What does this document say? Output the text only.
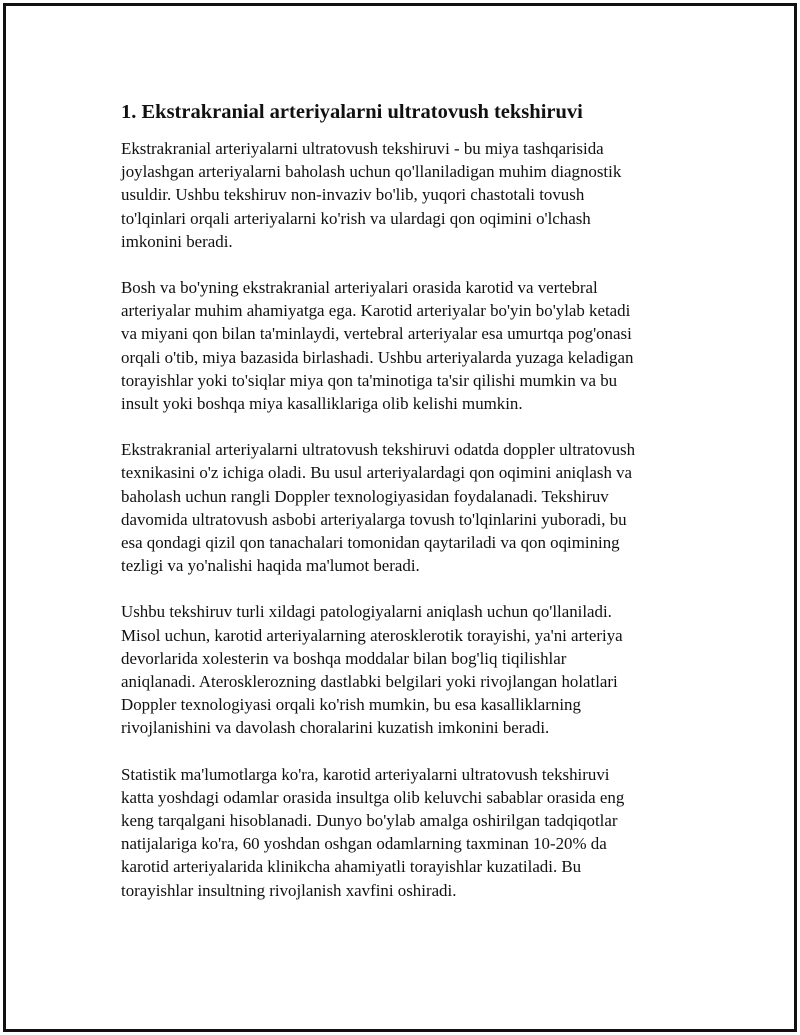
1. Ekstrakranial arteriyalarni ultratovush tekshiruvi

Ekstrakranial arteriyalarni ultratovush tekshiruvi - bu miya tashqarisida
joylashgan arteriyalarni baholash uchun qo'llaniladigan muhim diagnostik
usuldir. Ushbu tekshiruv non-invaziv bo'lib, yuqori chastotali tovush
to'lqinlari orqali arteriyalarni ko'rish va ulardagi qon oqimini o'lchash
imkonini beradi.

Bosh va bo'yning ekstrakranial arteriyalari orasida karotid va vertebral
arteriyalar muhim ahamiyatga ega. Karotid arteriyalar bo'yin bo'ylab ketadi
va miyani qon bilan ta'minlaydi, vertebral arteriyalar esa umurtqa pog'onasi
orqali o'tib, miya bazasida birlashadi. Ushbu arteriyalarda yuzaga keladigan
torayishlar yoki to'siqlar miya qon ta'minotiga ta'sir qilishi mumkin va bu
insult yoki boshqa miya kasalliklariga olib kelishi mumkin.

Ekstrakranial arteriyalarni ultratovush tekshiruvi odatda doppler ultratovush
texnikasini o'z ichiga oladi. Bu usul arteriyalardagi qon oqimini aniqlash va
baholash uchun rangli Doppler texnologiyasidan foydalanadi. Tekshiruv
davomida ultratovush asbobi arteriyalarga tovush to'lqinlarini yuboradi, bu
esa qondagi qizil qon tanachalari tomonidan qaytariladi va qon oqimining
tezligi va yo'nalishi haqida ma'lumot beradi.

Ushbu tekshiruv turli xildagi patologiyalarni aniqlash uchun qo'llaniladi.
Misol uchun, karotid arteriyalarning aterosklerotik torayishi, ya'ni arteriya
devorlarida xolesterin va boshqa moddalar bilan bog'liq tiqilishlar
aniqlanadi. Aterosklerozning dastlabki belgilari yoki rivojlangan holatlari
Doppler texnologiyasi orqali ko'rish mumkin, bu esa kasalliklarning
rivojlanishini va davolash choralarini kuzatish imkonini beradi.

Statistik ma'lumotlarga ko'ra, karotid arteriyalarni ultratovush tekshiruvi
katta yoshdagi odamlar orasida insultga olib keluvchi sabablar orasida eng
keng tarqalgani hisoblanadi. Dunyo bo'ylab amalga oshirilgan tadqiqotlar
natijalariga ko'ra, 60 yoshdan oshgan odamlarning taxminan 10-20% da
karotid arteriyalarida klinikcha ahamiyatli torayishlar kuzatiladi. Bu
torayishlar insultning rivojlanish xavfini oshiradi.
